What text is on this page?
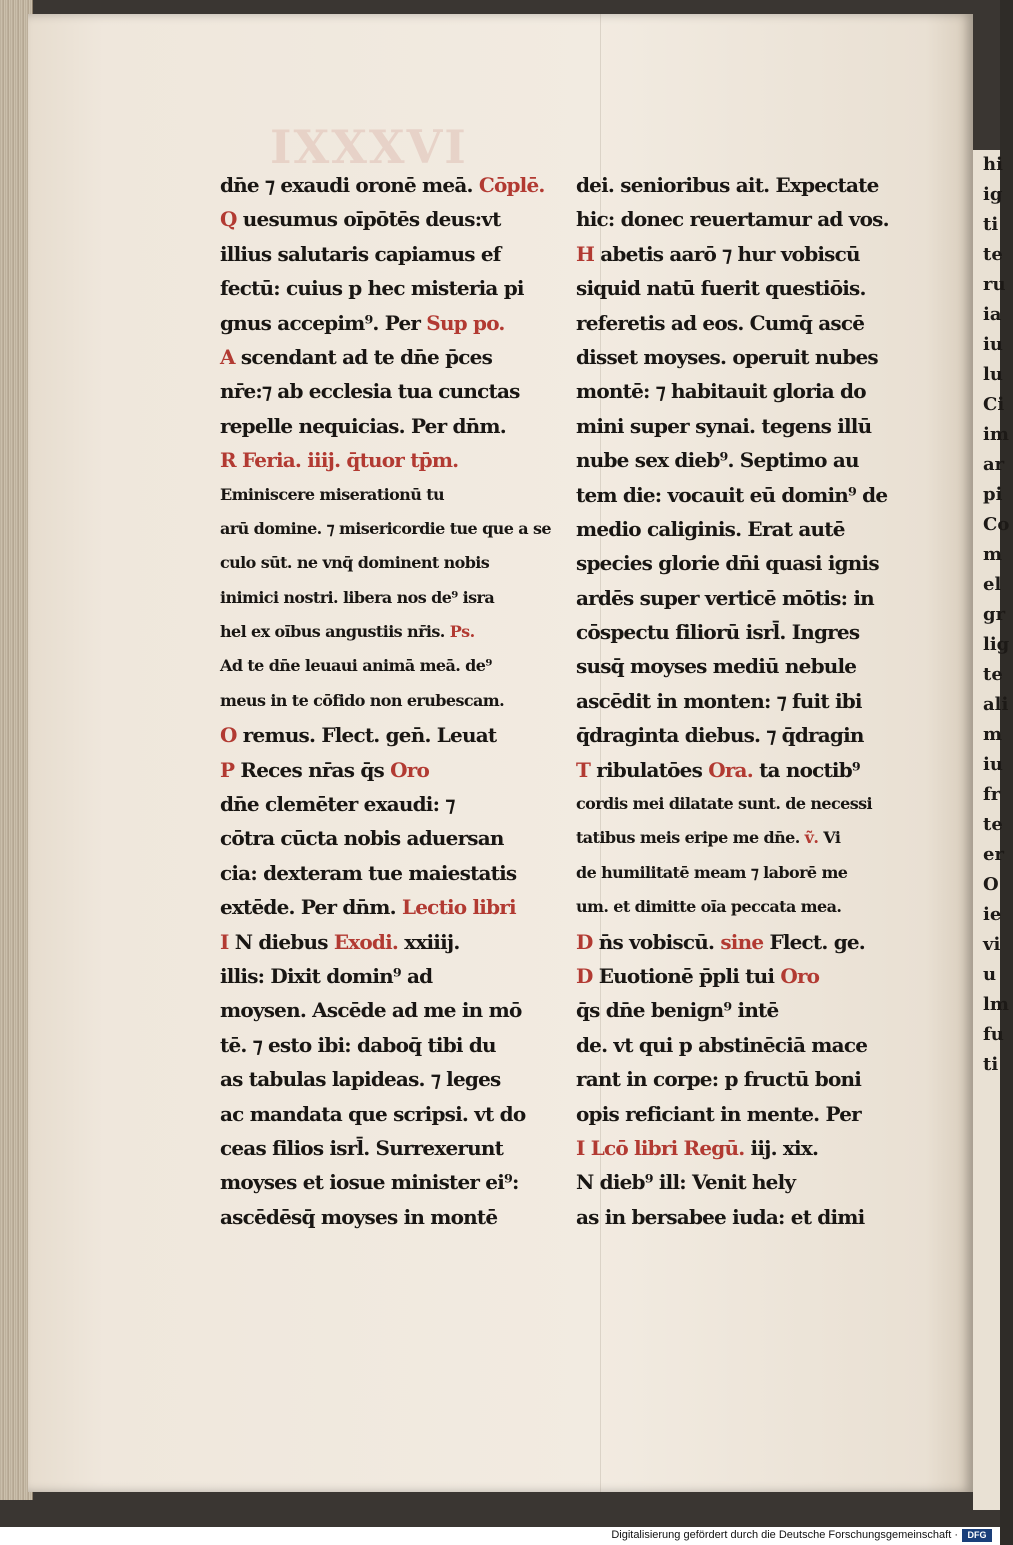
IXXXVI
dn̄e ⁊ exaudi oronē meā. Cōplē.
Q uesumus oı̄pōtēs deus:vt
illius salutaris capiamus ef
fectū: cuius p hec misteria pi
gnus accepim⁹. Per Sup po.
A scendant ad te dn̄e p̄ces
nr̄e:⁊ ab ecclesia tua cunctas
repelle nequicias. Per dn̄m.
R Feria. iiij. q̄tuor tp̄m.
Eminiscere miserationū tu
arū domine. ⁊ misericordie tue que a se
culo sūt. ne vnq̄ dominent nobis
inimici nostri. libera nos de⁹ isra
hel ex oı̄bus angustiis nr̄is. Ps.
Ad te dn̄e leuaui animā meā. de⁹
meus in te cōfido non erubescam.
O remus. Flect. gen̄. Leuat
P Reces nr̄as q̄s Oro
dn̄e clemēter exaudi: ⁊
cōtra cūcta nobis aduersan
cia: dexteram tue maiestatis
extēde. Per dn̄m. Lectio libri
I N diebus Exodi. xxiiij.
illis: Dixit domin⁹ ad
moysen. Ascēde ad me in mō
tē. ⁊ esto ibi: daboq̄ tibi du
as tabulas lapideas. ⁊ leges
ac mandata que scripsi. vt do
ceas filios isrl̄. Surrexerunt
moyses et iosue minister ei⁹:
ascēdēsq̄ moyses in montē
dei. senioribus ait. Expectate
hic: donec reuertamur ad vos.
H abetis aarō ⁊ hur vobiscū
siquid natū fuerit questiōis.
referetis ad eos. Cumq̄ ascē
disset moyses. operuit nubes
montē: ⁊ habitauit gloria do
mini super synai. tegens illū
nube sex dieb⁹. Septimo au
tem die: vocauit eū domin⁹ de
medio caliginis. Erat autē
species glorie dn̄i quasi ignis
ardēs super verticē mōtis: in
cōspectu filiorū isrl̄. Ingres
susq̄ moyses mediū nebule
ascēdit in monten: ⁊ fuit ibi
q̄draginta diebus. ⁊ q̄dragin
T ribulatōes Ora. ta noctib⁹
cordis mei dilatate sunt. de necessi
tatibus meis eripe me dn̄e. ṽ. Vi
de humilitatē meam ⁊ laborē me
um. et dimitte oı̄a peccata mea.
D n̄s vobiscū. sine Flect. ge.
D Euotionē p̄pli tui Oro
q̄s dn̄e benign⁹ intē
de. vt qui p abstinēciā mace
rant in corpe: p fructū boni
opis reficiant in mente. Per
I Lcō libri Regū. iij. xix.
N dieb⁹ ill: Venit hely
as in bersabee iuda: et dimi
hi
ig
ti
te
ru
ia
iu
lu
Ci
im
ar
pi
Co
m
el
gr
lig
te
ali
m
iu
fr
te
er
O
ie
vi
u
lm
fu
ti
Digitalisierung gefördert durch die Deutsche Forschungsgemeinschaft ·	DFG
